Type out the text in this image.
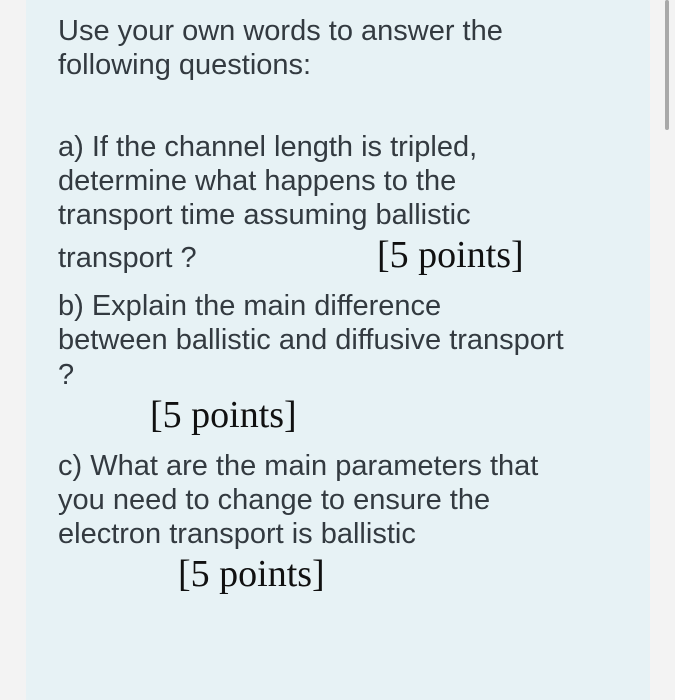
Use your own words to answer the
following questions:
a) If the channel length is tripled,
determine what happens to the
transport time assuming ballistic
transport ?	[5 points]
b) Explain the main difference
between ballistic and diffusive transport
?
[5 points]
c) What are the main parameters that
you need to change to ensure the
electron transport is ballistic
[5 points]
